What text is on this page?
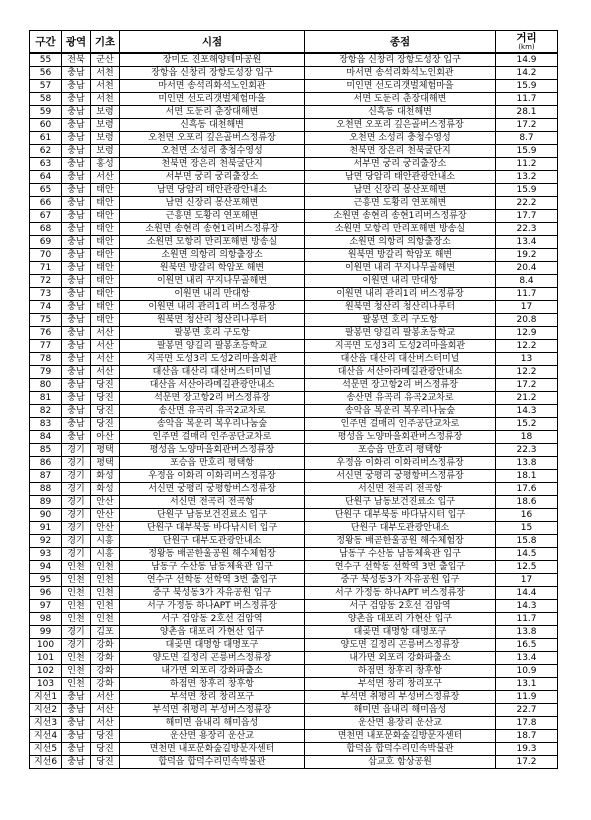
구간	광역	기초	시점	종점	거리
(km)

55	전북	군산	장미도 진포해양테마공원	장항읍 신창리 장항도성장 입구	14.9
56	충남	서천	장항읍 신창리 장항도성장 입구	마서면 송석리화석노인회관	14.2
57	충남	서천	마서면 송석리화석노인회관	미인면 선도리갯벌체험마을	15.9
58	충남	서천	미인면 선도리갯벌체험마을	서면 도둔리 춘장대해변	11.7
59	충남	보령	서면 도둔리 춘장대해변	신흑동 대천해변	28.1
60	충남	보령	신흑동 대천해변	오천면 오포리 깊은골버스정류장	17.2
61	충남	보령	오천면 오포리 깊은골버스정류장	오천면 소성리 충청수영성	8.7
62	충남	보령	오천면 소성리 충청수영성	천북면 장은리 천북굴단지	15.9
63	충남	홍성	천북면 장은리 천북굴단지	서부면 궁리 궁리출장소	11.2
64	충남	서산	서부면 궁리 궁리출장소	남면 당암리 태안관광안내소	13.2
65	충남	태안	남면 당암리 태안관광안내소	남면 신장리 몽산포해변	15.9
66	충남	태안	남면 신장리 몽산포해변	근흥면 도황리 연포해변	22.2
67	충남	태안	근흥면 도황리 연포해변	소원면 송현리 송현1리버스정류장	17.7
68	충남	태안	소원면 송현리 송현1리버스정류장	소원면 모항리 만리포해변 방송실	22.3
69	충남	태안	소원면 모항리 만리포해변 방송실	소원면 의항리 의항출장소	13.4
70	충남	태안	소원면 의항리 의항출장소	원북면 방갈리 학암포 해변	19.2
71	충남	태안	원북면 방갈리 학암포 해변	이원면 내리 꾸지나무골해변	20.4
72	충남	태안	이원면 내리 꾸지나무골해변	이원면 내리 만대항	8.4
73	충남	태안	이원면 내리 만대항	이원면 내리 관리1리 버스정류장	11.7
74	충남	태안	이원면 내리 관리1리 버스정류장	원북면 청산리 청산리나루터	17
75	충남	태안	원북면 청산리 청산리나루터	팔봉면 호리 구도항	20.8
76	충남	서산	팔봉면 호리 구도항	팔봉면 양길리 팔봉초등학교	12.9
77	충남	서산	팔봉면 양길리 팔봉초등학교	지곡면 도성3리 도성2리마을회관	12.2
78	충남	서산	지곡면 도성3리 도성2리마을회관	대산읍 대산리 대산버스터미널	13
79	충남	서산	대산읍 대산리 대산버스터미널	대산읍 서산아라메길관광안내소	12.2
80	충남	당진	대산읍 서산아라메길관광안내소	석문면 장고항2리 버스정류장	17.2
81	충남	당진	석문면 장고항2리 버스정류장	송산면 유곡리 유곡2교차로	21.2
82	충남	당진	송산면 유곡리 유곡2교차로	송악읍 복운리 복우리나눔숲	14.3
83	충남	당진	송악읍 복운리 복우리나눔숲	인주면 걸매리 인주공단교차로	15.2
84	충남	아산	인주면 걸매리 인주공단교차로	평성읍 노양마을회관버스정류장	18
85	경기	평택	평성읍 노양마을회관버스정류장	포승읍 만호리 평택항	22.3
86	경기	평택	포승읍 만호리 평택항	우정읍 이화리 이화리버스정류장	13.8
87	경기	화성	우정읍 이화리 이화리버스정류장	서신면 궁평리 궁평항버스정류장	18.1
88	경기	화성	서신면 궁평리 궁평항버스정류장	서신면 전곡리 전곡항	17.6
89	경기	안산	서신면 전곡리 전곡항	단원구 남동보건진료소 입구	18.6
90	경기	안산	단원구 남동보건진료소 입구	단원구 대부북동 바다낚시터 입구	16
91	경기	안산	단원구 대부북동 바다낚시터 입구	단원구 대부도관광안내소	15
92	경기	시흥	단원구 대부도관광안내소	정왕동 배곧한울공원 해수체험장	15.8
93	경기	시흥	정왕동 배곧한울공원 해수체험장	남동구 수산동 남동체육관 입구	14.5
94	인천	인천	남동구 수산동 남동체육관 입구	연수구 선학동 선학역 3번 출입구	12.5
95	인천	인천	연수구 선학동 선학역 3번 출입구	중구 북성동3가 자유공원 입구	17
96	인천	인천	중구 북성동3가 자유공원 입구	서구 가정동 하나APT 버스정류장	14.4
97	인천	인천	서구 가정동 하나APT 버스정류장	서구 검암동 2호선 검암역	14.3
98	인천	인천	서구 검암동 2호선 검암역	양촌읍 대포리 가현산 입구	11.7
99	경기	김포	양촌읍 대포리 가현산 입구	대곶면 대명항 대명포구	13.8
100	경기	강화	대곶면 대명항 대명포구	양도면 길정리 곤릉버스정류장	16.5
101	인천	강화	양도면 길정리 곤릉버스정류장	내가면 외포리 강화파출소	13.4
102	인천	강화	내가면 외포리 강화파출소	하점면 창후리 창후항	10.9
103	인천	강화	하점면 창후리 창후항	부석면 창리 창리포구	13.1
지선1	충남	서산	부석면 창리 창리포구	부석면 취평리 부성버스정류장	11.9
지선2	충남	서산	부석면 취평리 부성버스정류장	해미면 읍내리 해미읍성	22.7
지선3	충남	서산	해미면 읍내리 해미읍성	운산면 용장리 운산교	17.8
지선4	충남	당진	운산면 용장리 운산교	면천면 내포문화숲길방문자센터	18.7
지선5	충남	당진	면천면 내포문화숲길방문자센터	합덕읍 합덕수리민속박물관	19.3
지선6	충남	당진	합덕읍 합덕수리민속박물관	삽교호 함상공원	17.2
